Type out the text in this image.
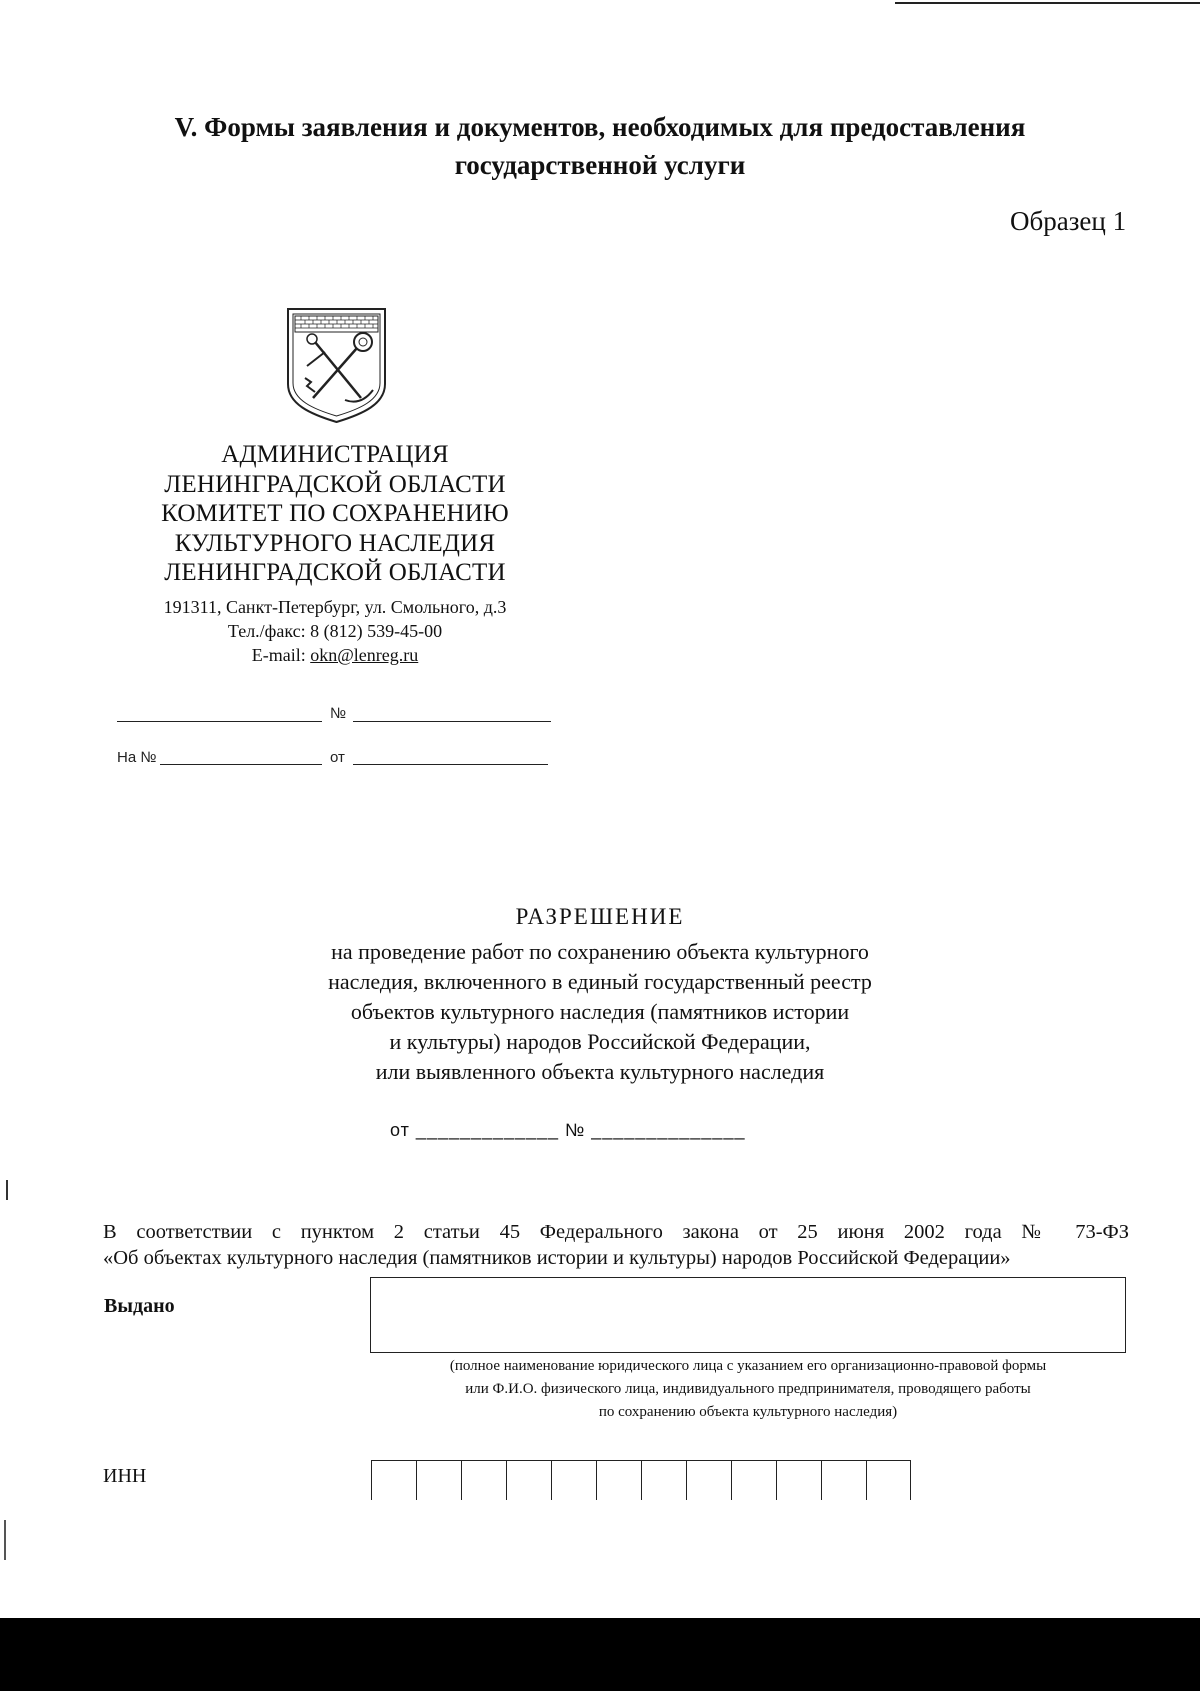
V. Формы заявления и документов, необходимых для предоставления
государственной услуги
Образец 1
АДМИНИСТРАЦИЯ
ЛЕНИНГРАДСКОЙ ОБЛАСТИ
КОМИТЕТ ПО СОХРАНЕНИЮ
КУЛЬТУРНОГО НАСЛЕДИЯ
ЛЕНИНГРАДСКОЙ ОБЛАСТИ
191311, Санкт-Петербург, ул. Смольного, д.3
Тел./факс: 8 (812) 539-45-00
E-mail: okn@lenreg.ru
№
На №	от
РАЗРЕШЕНИЕ
на проведение работ по сохранению объекта культурного
наследия, включенного в единый государственный реестр
объектов культурного наследия (памятников истории
и культуры) народов Российской Федерации,
или выявленного объекта культурного наследия
от _____________ № ______________
В соответствии с пунктом 2 статьи 45 Федерального закона от 25 июня 2002 года № 73-ФЗ
«Об объектах культурного наследия (памятников истории и культуры) народов Российской Федерации»
Выдано
(полное наименование юридического лица с указанием его организационно-правовой формы
или Ф.И.О. физического лица, индивидуального предпринимателя, проводящего работы
по сохранению объекта культурного наследия)
ИНН
